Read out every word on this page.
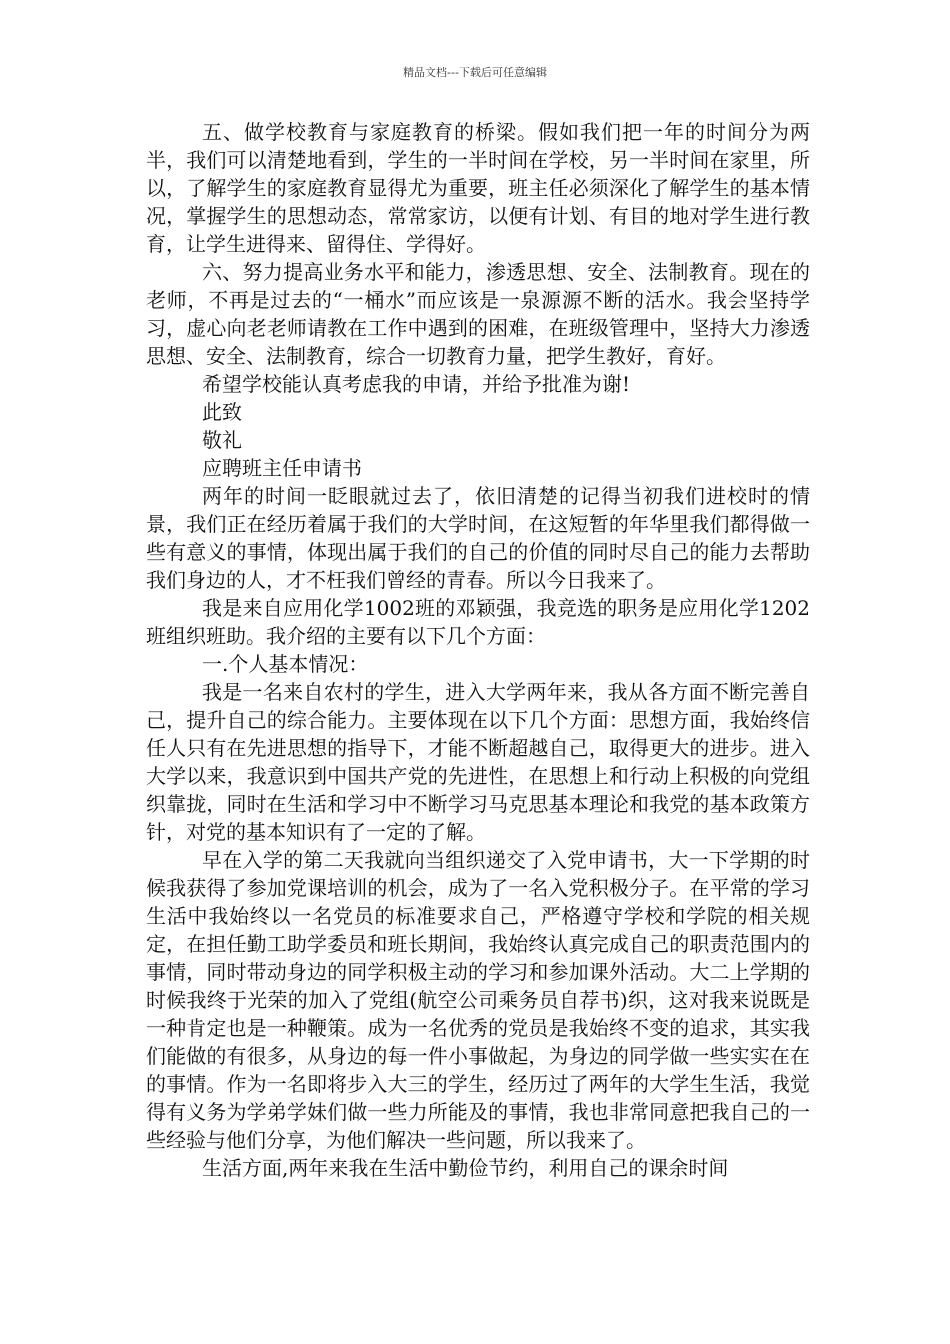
精品文档---下载后可任意编辑

五、做学校教育与家庭教育的桥梁。假如我们把一年的时间分为两半，我们可以清楚地看到，学生的一半时间在学校，另一半时间在家里，所以，了解学生的家庭教育显得尤为重要，班主任必须深化了解学生的基本情况，掌握学生的思想动态，常常家访，以便有计划、有目的地对学生进行教育，让学生进得来、留得住、学得好。

六、努力提高业务水平和能力，渗透思想、安全、法制教育。现在的老师，不再是过去的“一桶水”而应该是一泉源源不断的活水。我会坚持学习，虚心向老老师请教在工作中遇到的困难，在班级管理中，坚持大力渗透思想、安全、法制教育，综合一切教育力量，把学生教好，育好。

希望学校能认真考虑我的申请，并给予批准为谢!

此致

敬礼

应聘班主任申请书

两年的时间一眨眼就过去了，依旧清楚的记得当初我们进校时的情景，我们正在经历着属于我们的大学时间，在这短暂的年华里我们都得做一些有意义的事情，体现出属于我们的自己的价值的同时尽自己的能力去帮助我们身边的人，才不枉我们曾经的青春。所以今日我来了。

我是来自应用化学1002班的邓颖强，我竞选的职务是应用化学1202班组织班助。我介绍的主要有以下几个方面：

一.个人基本情况：

我是一名来自农村的学生，进入大学两年来，我从各方面不断完善自己，提升自己的综合能力。主要体现在以下几个方面：思想方面，我始终信任人只有在先进思想的指导下，才能不断超越自己，取得更大的进步。进入大学以来，我意识到中国共产党的先进性，在思想上和行动上积极的向党组织靠拢，同时在生活和学习中不断学习马克思基本理论和我党的基本政策方针，对党的基本知识有了一定的了解。

早在入学的第二天我就向当组织递交了入党申请书，大一下学期的时候我获得了参加党课培训的机会，成为了一名入党积极分子。在平常的学习生活中我始终以一名党员的标准要求自己，严格遵守学校和学院的相关规定，在担任勤工助学委员和班长期间，我始终认真完成自己的职责范围内的事情，同时带动身边的同学积极主动的学习和参加课外活动。大二上学期的时候我终于光荣的加入了党组(航空公司乘务员自荐书)织，这对我来说既是一种肯定也是一种鞭策。成为一名优秀的党员是我始终不变的追求，其实我们能做的有很多，从身边的每一件小事做起，为身边的同学做一些实实在在的事情。作为一名即将步入大三的学生，经历过了两年的大学生生活，我觉得有义务为学弟学妹们做一些力所能及的事情，我也非常同意把我自己的一些经验与他们分享，为他们解决一些问题，所以我来了。

生活方面,两年来我在生活中勤俭节约，利用自己的课余时间
